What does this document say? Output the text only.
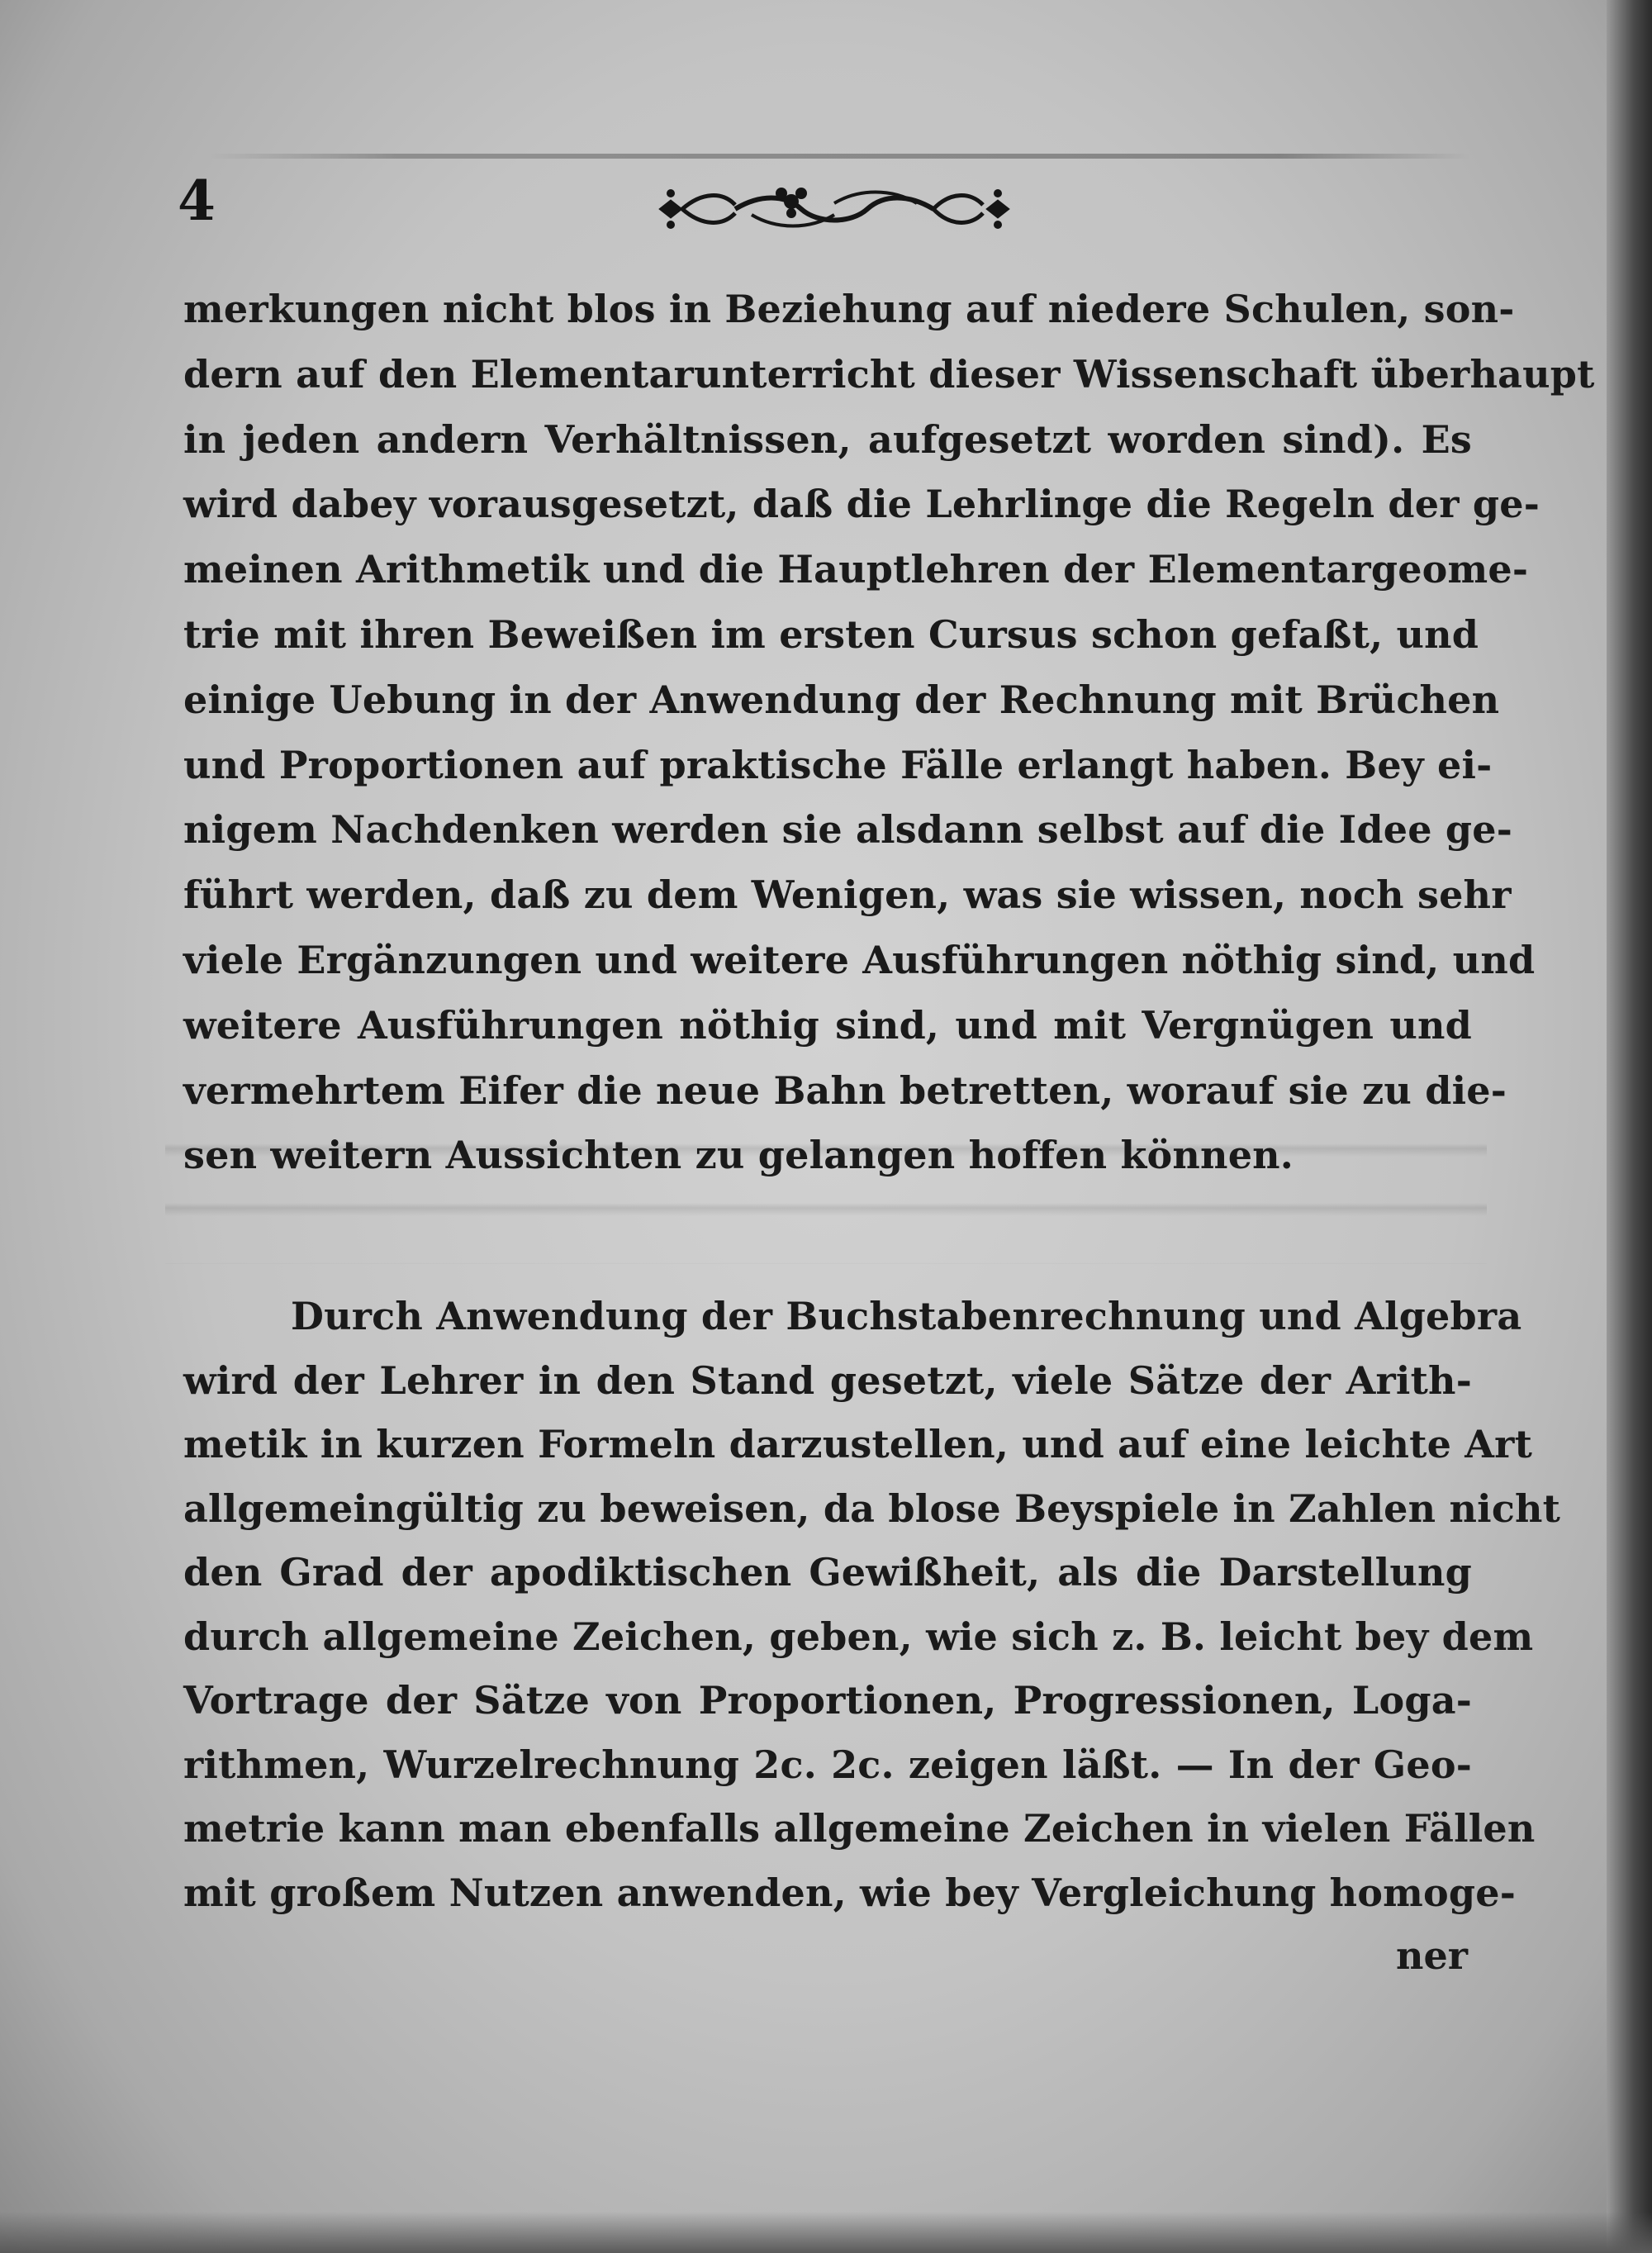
4
merkungen nicht blos in Beziehung auf niedere Schulen, son-
dern auf den Elementarunterricht dieser Wissenschaft überhaupt
in jeden andern Verhältnissen, aufgesetzt worden sind). Es
wird dabey vorausgesetzt, daß die Lehrlinge die Regeln der ge-
meinen Arithmetik und die Hauptlehren der Elementargeome-
trie mit ihren Beweißen im ersten Cursus schon gefaßt, und
einige Uebung in der Anwendung der Rechnung mit Brüchen
und Proportionen auf praktische Fälle erlangt haben. Bey ei-
nigem Nachdenken werden sie alsdann selbst auf die Idee ge-
führt werden, daß zu dem Wenigen, was sie wissen, noch sehr
viele Ergänzungen und weitere Ausführungen nöthig sind, und
weitere Ausführungen nöthig sind, und mit Vergnügen und
vermehrtem Eifer die neue Bahn betretten, worauf sie zu die-
sen weitern Aussichten zu gelangen hoffen können.
Durch Anwendung der Buchstabenrechnung und Algebra
wird der Lehrer in den Stand gesetzt, viele Sätze der Arith-
metik in kurzen Formeln darzustellen, und auf eine leichte Art
allgemeingültig zu beweisen, da blose Beyspiele in Zahlen nicht
den Grad der apodiktischen Gewißheit, als die Darstellung
durch allgemeine Zeichen, geben, wie sich z. B. leicht bey dem
Vortrage der Sätze von Proportionen, Progressionen, Loga-
rithmen, Wurzelrechnung 2c. 2c. zeigen läßt. — In der Geo-
metrie kann man ebenfalls allgemeine Zeichen in vielen Fällen
mit großem Nutzen anwenden, wie bey Vergleichung homoge-
ner
